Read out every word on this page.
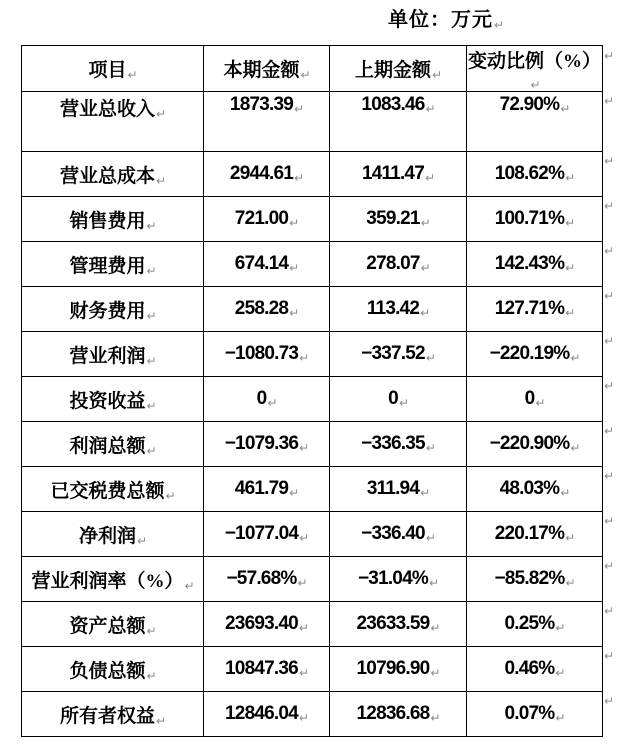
单位：万元↵
项目↵	本期金额↵	上期金额↵	变动比例（%）↵
营业总收入↵	1873.39↵	1083.46↵	72.90%↵
营业总成本↵	2944.61↵	1411.47↵	108.62%↵
销售费用↵	721.00↵	359.21↵	100.71%↵
管理费用↵	674.14↵	278.07↵	142.43%↵
财务费用↵	258.28↵	113.42↵	127.71%↵
营业利润↵	−1080.73↵	−337.52↵	−220.19%↵
投资收益↵	0↵	0↵	0↵
利润总额↵	−1079.36↵	−336.35↵	−220.90%↵
已交税费总额↵	461.79↵	311.94↵	48.03%↵
净利润↵	−1077.04↵	−336.40↵	220.17%↵
营业利润率（%）↵	−57.68%↵	−31.04%↵	−85.82%↵
资产总额↵	23693.40↵	23633.59↵	0.25%↵
负债总额↵	10847.36↵	10796.90↵	0.46%↵
所有者权益↵	12846.04↵	12836.68↵	0.07%↵
↵
↵
↵
↵
↵
↵
↵
↵
↵
↵
↵
↵
↵
↵
↵
